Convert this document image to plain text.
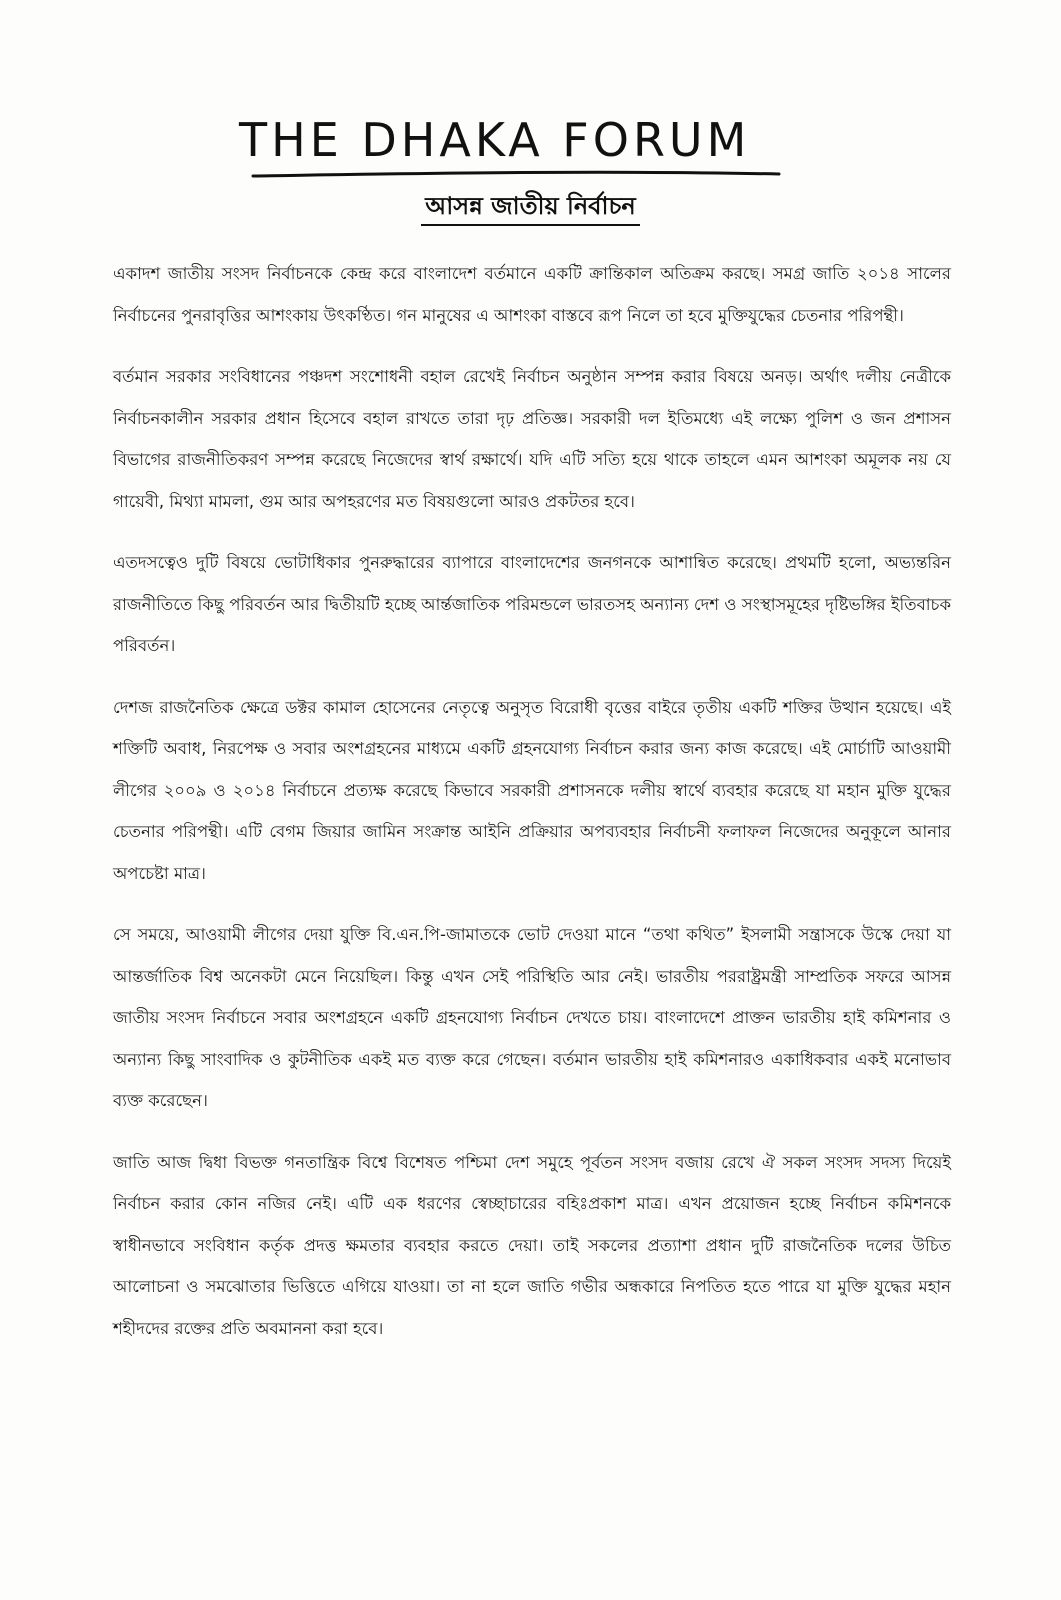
THE DHAKA FORUM
আসন্ন জাতীয় নির্বাচন

একাদশ জাতীয় সংসদ নির্বাচনকে কেন্দ্র করে বাংলাদেশ বর্তমানে একটি ক্রান্তিকাল অতিক্রম করছে। সমগ্র জাতি ২০১৪ সালের নির্বাচনের পুনরাবৃত্তির আশংকায় উৎকণ্ঠিত। গন মানুষের এ আশংকা বাস্তবে রূপ নিলে তা হবে মুক্তিযুদ্ধের চেতনার পরিপন্থী।

বর্তমান সরকার সংবিধানের পঞ্চদশ সংশোধনী বহাল রেখেই নির্বাচন অনুষ্ঠান সম্পন্ন করার বিষয়ে অনড়। অর্থাৎ দলীয় নেত্রীকে নির্বাচনকালীন সরকার প্রধান হিসেবে বহাল রাখতে তারা দৃঢ় প্রতিজ্ঞ। সরকারী দল ইতিমধ্যে এই লক্ষ্যে পুলিশ ও জন প্রশাসন বিভাগের রাজনীতিকরণ সম্পন্ন করেছে নিজেদের স্বার্থ রক্ষার্থে। যদি এটি সত্যি হয়ে থাকে তাহলে এমন আশংকা অমূলক নয় যে গায়েবী, মিথ্যা মামলা, গুম আর অপহরণের মত বিষয়গুলো আরও প্রকটতর হবে।

এতদসত্বেও দুটি বিষয়ে ভোটাধিকার পুনরুদ্ধারের ব্যাপারে বাংলাদেশের জনগনকে আশান্বিত করেছে। প্রথমটি হলো, অভ্যন্তরিন রাজনীতিতে কিছু পরিবর্তন আর দ্বিতীয়টি হচ্ছে আর্ন্তজাতিক পরিমন্ডলে ভারতসহ অন্যান্য দেশ ও সংস্থাসমূহের দৃষ্টিভঙ্গির ইতিবাচক পরিবর্তন।

দেশজ রাজনৈতিক ক্ষেত্রে ডক্টর কামাল হোসেনের নেতৃত্বে অনুসৃত বিরোধী বৃত্তের বাইরে তৃতীয় একটি শক্তির উত্থান হয়েছে। এই শক্তিটি অবাধ, নিরপেক্ষ ও সবার অংশগ্রহনের মাধ্যমে একটি গ্রহনযোগ্য নির্বাচন করার জন্য কাজ করেছে। এই মোর্চাটি আওয়ামী লীগের ২০০৯ ও ২০১৪ নির্বাচনে প্রত্যক্ষ করেছে কিভাবে সরকারী প্রশাসনকে দলীয় স্বার্থে ব্যবহার করেছে যা মহান মুক্তি যুদ্ধের চেতনার পরিপন্থী। এটি বেগম জিয়ার জামিন সংক্রান্ত আইনি প্রক্রিয়ার অপব্যবহার নির্বাচনী ফলাফল নিজেদের অনুকূলে আনার অপচেষ্টা মাত্র।

সে সময়ে, আওয়ামী লীগের দেয়া যুক্তি বি.এন.পি-জামাতকে ভোট দেওয়া মানে “তথা কথিত” ইসলামী সন্ত্রাসকে উস্কে দেয়া যা আন্তর্জাতিক বিশ্ব অনেকটা মেনে নিয়েছিল। কিন্তু এখন সেই পরিস্থিতি আর নেই। ভারতীয় পররাষ্ট্রমন্ত্রী সাম্প্রতিক সফরে আসন্ন জাতীয় সংসদ নির্বাচনে সবার অংশগ্রহনে একটি গ্রহনযোগ্য নির্বাচন দেখতে চায়। বাংলাদেশে প্রাক্তন ভারতীয় হাই কমিশনার ও অন্যান্য কিছু সাংবাদিক ও কুটনীতিক একই মত ব্যক্ত করে গেছেন। বর্তমান ভারতীয় হাই কমিশনারও একাধিকবার একই মনোভাব ব্যক্ত করেছেন।

জাতি আজ দ্বিধা বিভক্ত গনতান্ত্রিক বিশ্বে বিশেষত পশ্চিমা দেশ সমুহে পূর্বতন সংসদ বজায় রেখে ঐ সকল সংসদ সদস্য দিয়েই নির্বাচন করার কোন নজির নেই। এটি এক ধরণের স্বেচ্ছাচারের বহিঃপ্রকাশ মাত্র। এখন প্রয়োজন হচ্ছে নির্বাচন কমিশনকে স্বাধীনভাবে সংবিধান কর্তৃক প্রদত্ত ক্ষমতার ব্যবহার করতে দেয়া। তাই সকলের প্রত্যাশা প্রধান দুটি রাজনৈতিক দলের উচিত আলোচনা ও সমঝোতার ভিত্তিতে এগিয়ে যাওয়া। তা না হলে জাতি গভীর অন্ধকারে নিপতিত হতে পারে যা মুক্তি যুদ্ধের মহান শহীদদের রক্তের প্রতি অবমাননা করা হবে।
